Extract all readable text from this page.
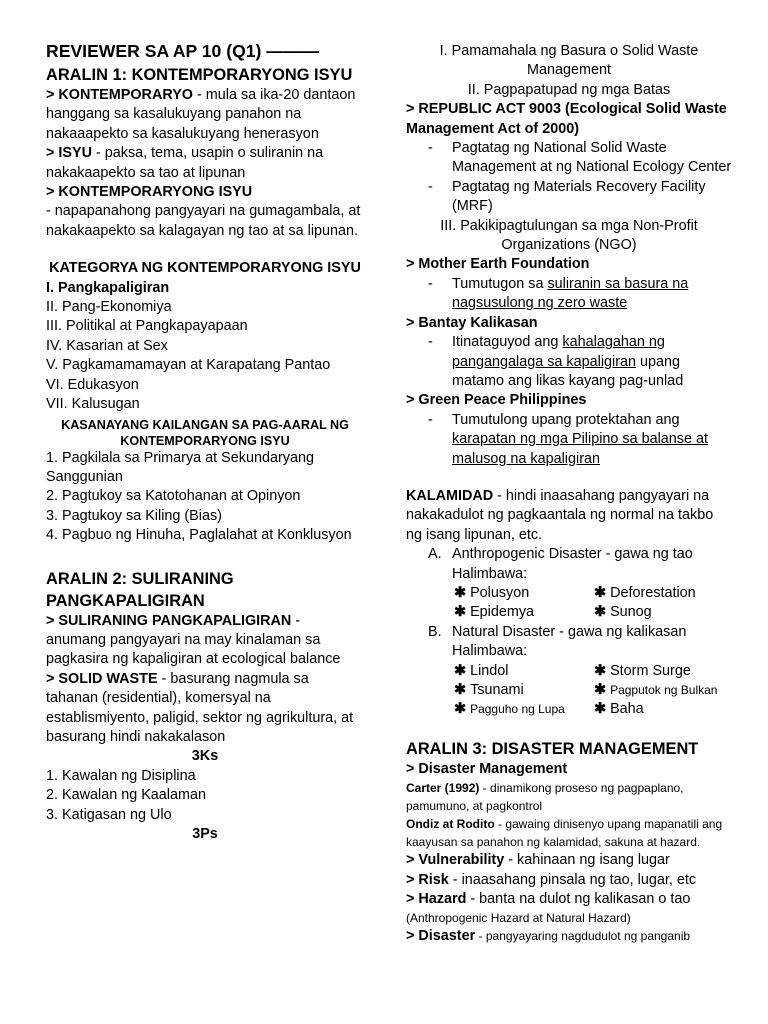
REVIEWER SA AP 10 (Q1) ———

ARALIN 1: KONTEMPORARYONG ISYU

> KONTEMPORARYO - mula sa ika-20 dantaon hanggang sa kasalukuyang panahon na nakaaapekto sa kasalukuyang henerasyon

> ISYU - paksa, tema, usapin o suliranin na nakakaapekto sa tao at lipunan

> KONTEMPORARYONG ISYU

- napapanahong pangyayari na gumagambala, at nakakaapekto sa kalagayan ng tao at sa lipunan.

KATEGORYA NG KONTEMPORARYONG ISYU

I. Pangkapaligiran

II. Pang-Ekonomiya

III. Politikal at Pangkapayapaan

IV. Kasarian at Sex

V. Pagkamamamayan at Karapatang Pantao

VI. Edukasyon

VII. Kalusugan

KASANAYANG KAILANGAN SA PAG-AARAL NG KONTEMPORARYONG ISYU

1. Pagkilala sa Primarya at Sekundaryang Sanggunian

2. Pagtukoy sa Katotohanan at Opinyon

3. Pagtukoy sa Kiling (Bias)

4. Pagbuo ng Hinuha, Paglalahat at Konklusyon

ARALIN 2: SULIRANING PANGKAPALIGIRAN

> SULIRANING PANGKAPALIGIRAN - anumang pangyayari na may kinalaman sa pagkasira ng kapaligiran at ecological balance

> SOLID WASTE - basurang nagmula sa tahanan (residential), komersyal na establismiyento, paligid, sektor ng agrikultura, at basurang hindi nakakalason

3Ks

1. Kawalan ng Disiplina

2. Kawalan ng Kaalaman

3. Katigasan ng Ulo

3Ps

I. Pamamahala ng Basura o Solid Waste Management

II. Pagpapatupad ng mga Batas

> REPUBLIC ACT 9003 (Ecological Solid Waste Management Act of 2000)

- Pagtatag ng National Solid Waste Management at ng National Ecology Center
- Pagtatag ng Materials Recovery Facility (MRF)

III. Pakikipagtulungan sa mga Non-Profit Organizations (NGO)

> Mother Earth Foundation

- Tumutugon sa suliranin sa basura na nagsusulong ng zero waste

> Bantay Kalikasan

- Itinataguyod ang kahalagahan ng pangangalaga sa kapaligiran upang matamo ang likas kayang pag-unlad

> Green Peace Philippines

- Tumutulong upang protektahan ang karapatan ng mga Pilipino sa balanse at malusog na kapaligiran

KALAMIDAD - hindi inaasahang pangyayari na nakakadulot ng pagkaantala ng normal na takbo ng isang lipunan, etc.

A. Anthropogenic Disaster - gawa ng tao
Halimbawa:
✱ Polusyon	✱ Deforestation
✱ Epidemya	✱ Sunog
B. Natural Disaster - gawa ng kalikasan
Halimbawa:
✱ Lindol	✱ Storm Surge
✱ Tsunami	✱ Pagputok ng Bulkan
✱ Pagguho ng Lupa	✱ Baha

ARALIN 3: DISASTER MANAGEMENT

> Disaster Management

Carter (1992) - dinamikong proseso ng pagpaplano, pamumuno, at pagkontrol

Ondiz at Rodito - gawaing dinisenyo upang mapanatili ang kaayusan sa panahon ng kalamidad, sakuna at hazard.

> Vulnerability - kahinaan ng isang lugar

> Risk - inaasahang pinsala ng tao, lugar, etc

> Hazard - banta na dulot ng kalikasan o tao

(Anthropogenic Hazard at Natural Hazard)

> Disaster - pangyayaring nagdudulot ng panganib
